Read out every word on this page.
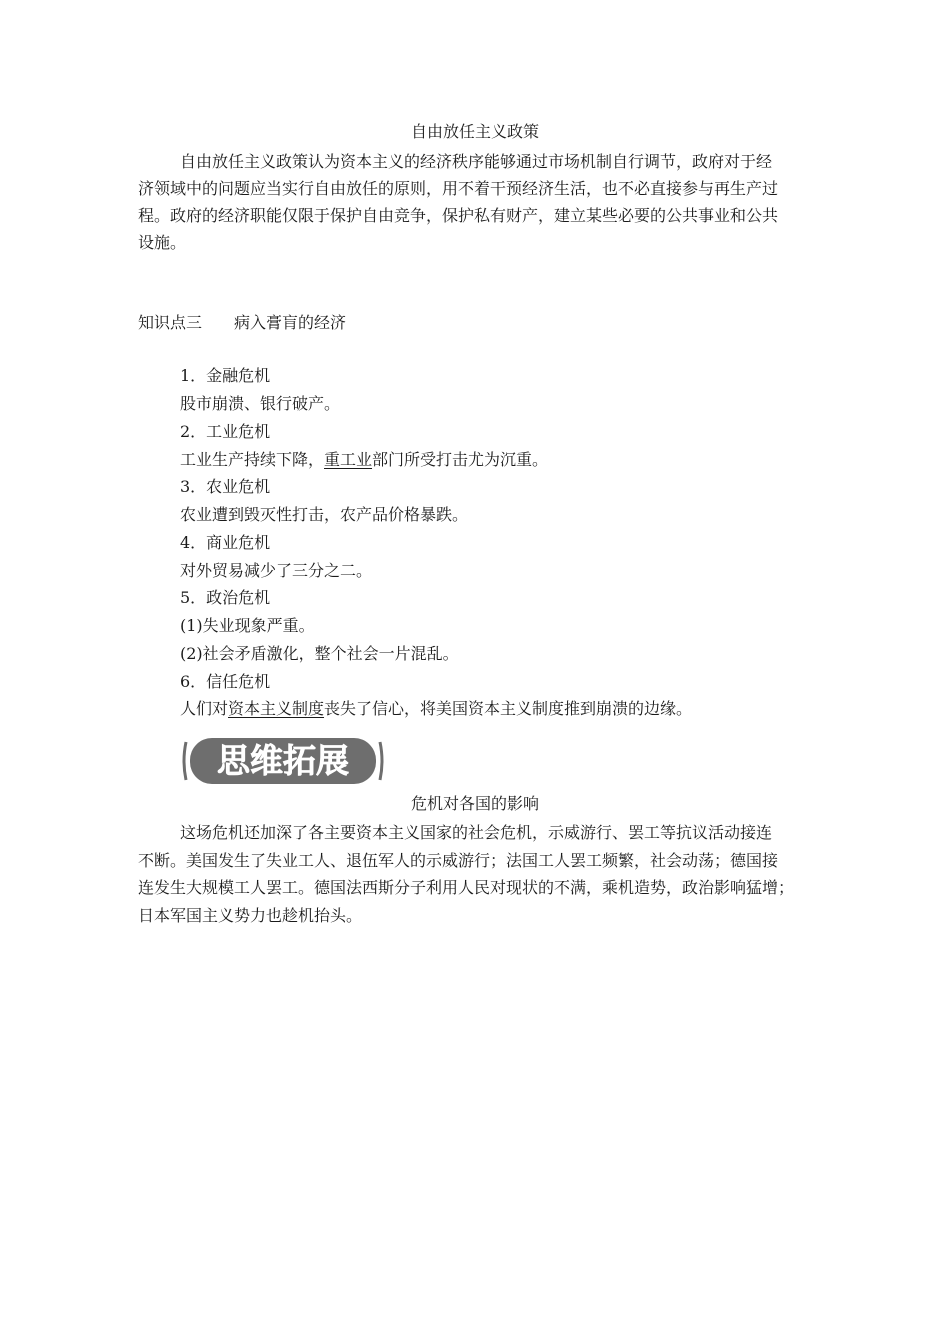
自由放任主义政策
自由放任主义政策认为资本主义的经济秩序能够通过市场机制自行调节，政府对于经
济领域中的问题应当实行自由放任的原则，用不着干预经济生活，也不必直接参与再生产过
程。政府的经济职能仅限于保护自由竞争，保护私有财产，建立某些必要的公共事业和公共
设施。
知识点三 病入膏肓的经济
1．金融危机
股市崩溃、银行破产。
2．工业危机
工业生产持续下降，重工业部门所受打击尤为沉重。
3．农业危机
农业遭到毁灭性打击，农产品价格暴跌。
4．商业危机
对外贸易减少了三分之二。
5．政治危机
(1)失业现象严重。
(2)社会矛盾激化，整个社会一片混乱。
6．信任危机
人们对资本主义制度丧失了信心，将美国资本主义制度推到崩溃的边缘。
思维拓展
危机对各国的影响
这场危机还加深了各主要资本主义国家的社会危机，示威游行、罢工等抗议活动接连
不断。美国发生了失业工人、退伍军人的示威游行；法国工人罢工频繁，社会动荡；德国接
连发生大规模工人罢工。德国法西斯分子利用人民对现状的不满，乘机造势，政治影响猛增；
日本军国主义势力也趁机抬头。
